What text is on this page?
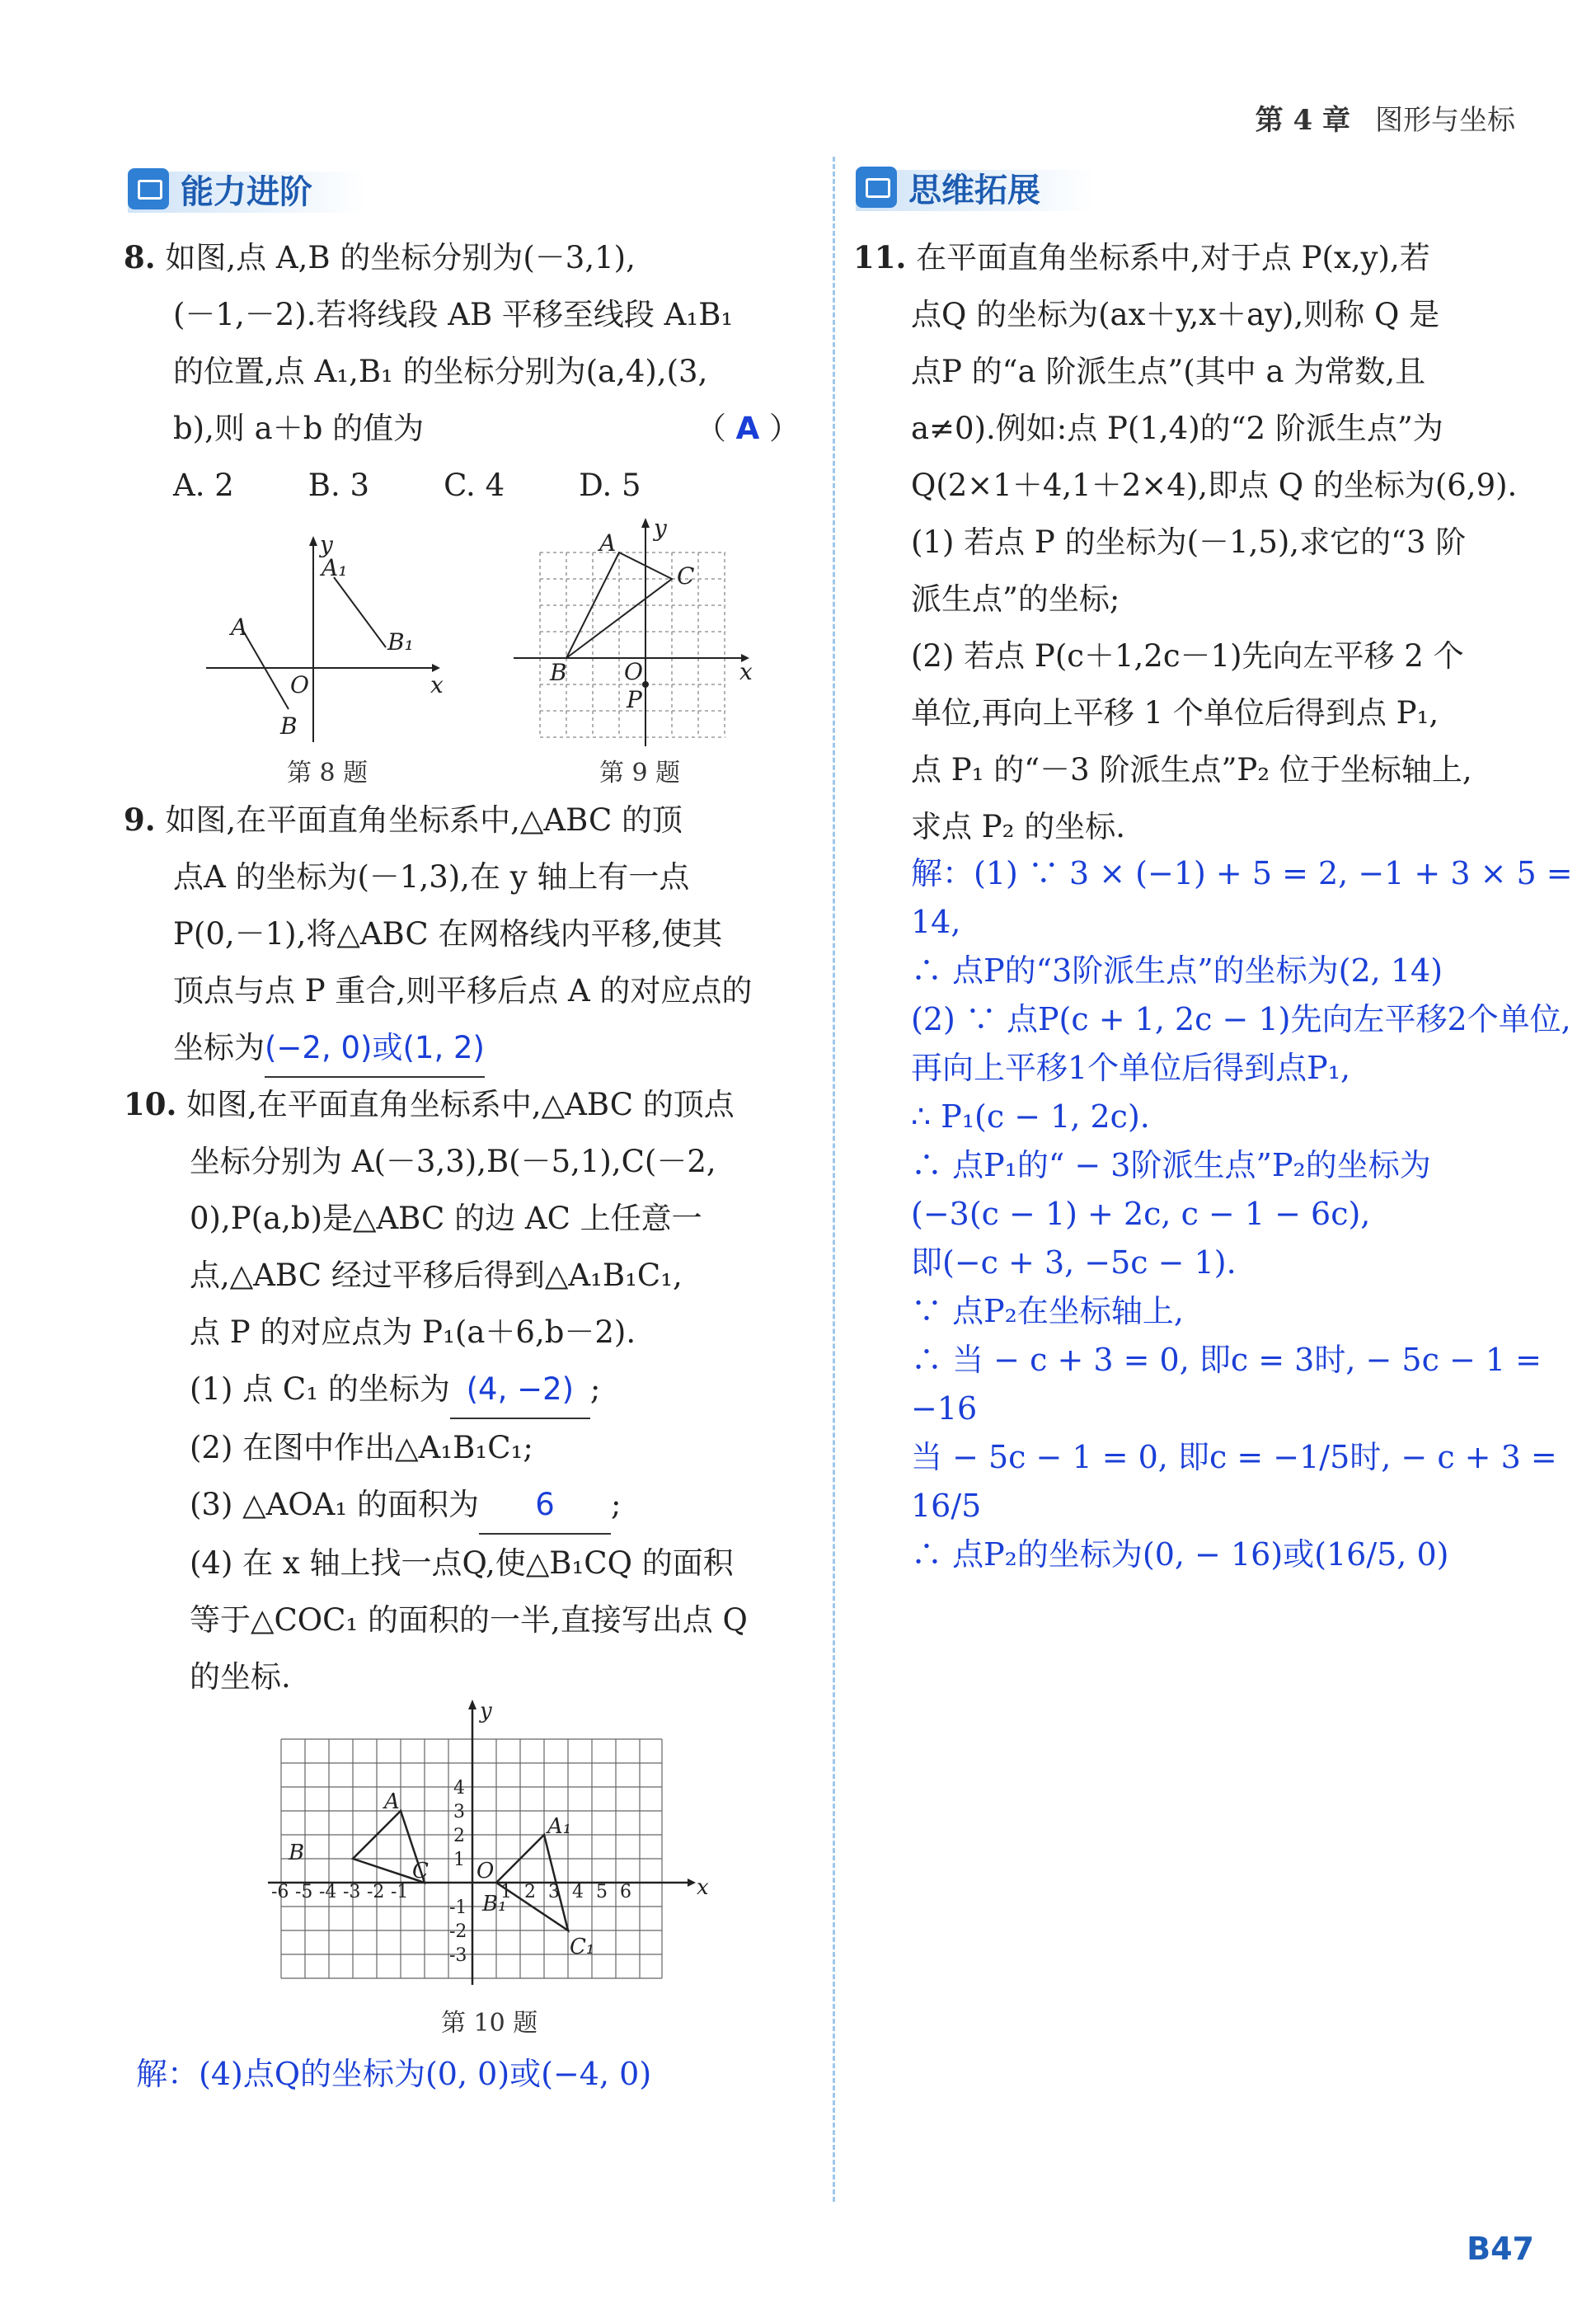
第 4 章 图形与坐标
能力进阶	思维拓展

8. 如图,点 A,B 的坐标分别为(－3,1),

(－1,－2).若将线段 AB 平移至线段 A₁B₁

的位置,点 A₁,B₁ 的坐标分别为(a,4),(3,

b),则 a＋b 的值为	（ A ）

A. 2 B. 3 C. 4 D. 5

y
A₁
A
B₁
O	x
B
第 8 题
y
A
C
B O	x
P
第 9 题

9. 如图,在平面直角坐标系中,△ABC 的顶

点A 的坐标为(－1,3),在 y 轴上有一点

P(0,－1),将△ABC 在网格线内平移,使其

顶点与点 P 重合,则平移后点 A 的对应点的

坐标为(−2, 0)或(1, 2)

10. 如图,在平面直角坐标系中,△ABC 的顶点

坐标分别为 A(－3,3),B(－5,1),C(－2,

0),P(a,b)是△ABC 的边 AC 上任意一

点,△ABC 经过平移后得到△A₁B₁C₁,

点 P 的对应点为 P₁(a＋6,b－2).

(1) 点 C₁ 的坐标为 (4, −2) ;

(2) 在图中作出△A₁B₁C₁;

(3) △AOA₁ 的面积为 6 ;

(4) 在 x 轴上找一点Q,使△B₁CQ 的面积

等于△COC₁ 的面积的一半,直接写出点 Q

的坐标.

-6 -5 -4 -3 -2 -1	1 2 3 4 5 6
4
3
2
1
-1
-2
-3
y
A
B
C
A₁
B₁
C₁
x
O
第 10 题
解：(4)点Q的坐标为(0, 0)或(−4, 0)

11. 在平面直角坐标系中,对于点 P(x,y),若

点Q 的坐标为(ax＋y,x＋ay),则称 Q 是

点P 的“a 阶派生点”(其中 a 为常数,且

a≠0).例如:点 P(1,4)的“2 阶派生点”为

Q(2×1＋4,1＋2×4),即点 Q 的坐标为(6,9).

(1) 若点 P 的坐标为(－1,5),求它的“3 阶

派生点”的坐标;

(2) 若点 P(c＋1,2c－1)先向左平移 2 个

单位,再向上平移 1 个单位后得到点 P₁,

点 P₁ 的“－3 阶派生点”P₂ 位于坐标轴上,

求点 P₂ 的坐标.

解：(1) ∵ 3 × (−1) + 5 = 2, −1 + 3 × 5 = 14,

∴ 点P的“3阶派生点”的坐标为(2, 14)

(2) ∵ 点P(c + 1, 2c − 1)先向左平移2个单位,

再向上平移1个单位后得到点P₁,

∴ P₁(c − 1, 2c).

∴ 点P₁的“ − 3阶派生点”P₂的坐标为

(−3(c − 1) + 2c, c − 1 − 6c),

即(−c + 3, −5c − 1).

∵ 点P₂在坐标轴上,

∴ 当 − c + 3 = 0, 即c = 3时, − 5c − 1 = −16

当 − 5c − 1 = 0, 即c = −1/5时, − c + 3 = 16/5

∴ 点P₂的坐标为(0, − 16)或(16/5, 0)

B47
